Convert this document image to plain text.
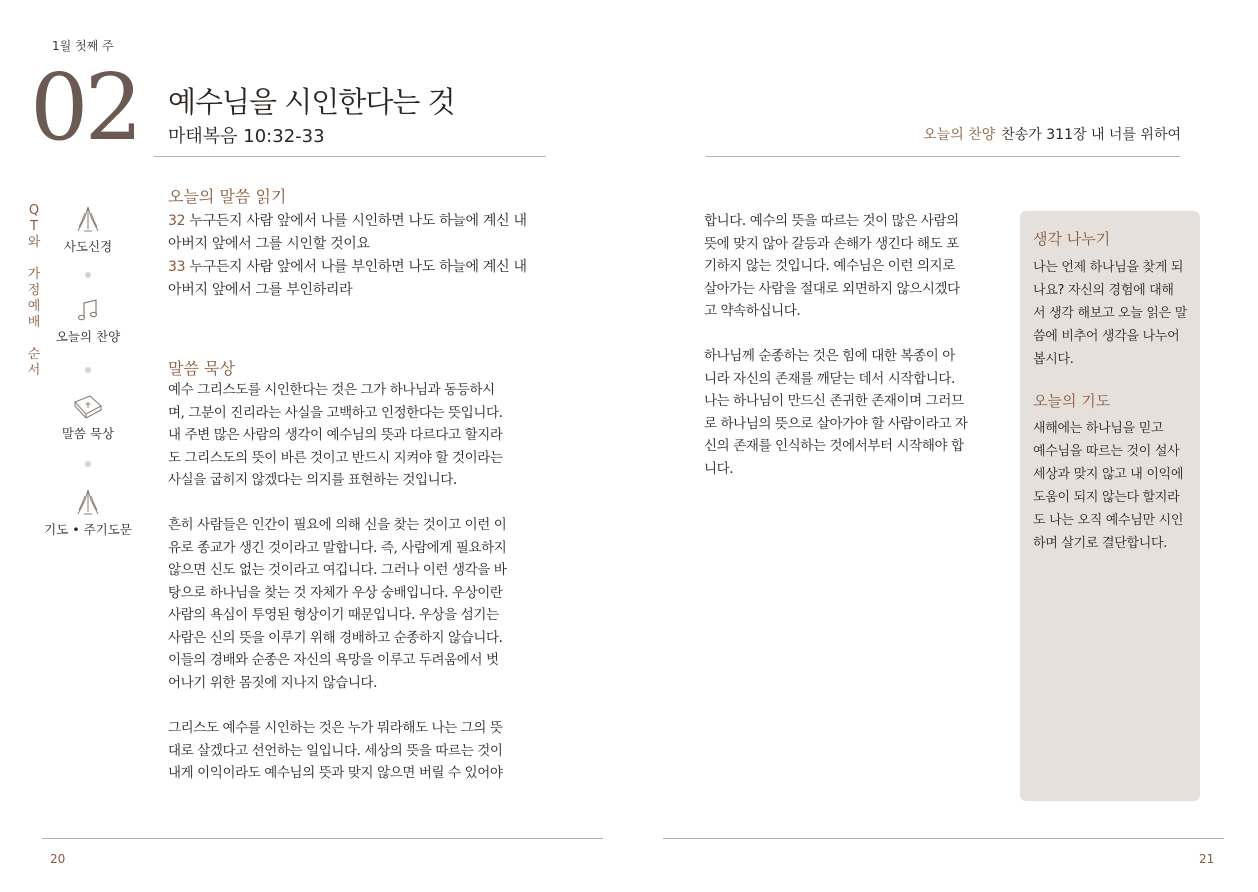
1월 첫째 주
02 예수님을 시인한다는 것
마태복음 10:32-33	오늘의 찬양 찬송가 311장 내 너를 위하여
Q
T
와
가
정
예
배
순
서
사도신경
오늘의 찬양
말씀 묵상
기도 • 주기도문
오늘의 말씀 읽기
32 누구든지 사람 앞에서 나를 시인하면 나도 하늘에 계신 내
아버지 앞에서 그를 시인할 것이요
33 누구든지 사람 앞에서 나를 부인하면 나도 하늘에 계신 내
아버지 앞에서 그를 부인하리라
말씀 묵상
예수 그리스도를 시인한다는 것은 그가 하나님과 동등하시
며, 그분이 진리라는 사실을 고백하고 인정한다는 뜻입니다.
내 주변 많은 사람의 생각이 예수님의 뜻과 다르다고 할지라
도 그리스도의 뜻이 바른 것이고 반드시 지켜야 할 것이라는
사실을 굽히지 않겠다는 의지를 표현하는 것입니다.
흔히 사람들은 인간이 필요에 의해 신을 찾는 것이고 이런 이
유로 종교가 생긴 것이라고 말합니다. 즉, 사람에게 필요하지
않으면 신도 없는 것이라고 여깁니다. 그러나 이런 생각을 바
탕으로 하나님을 찾는 것 자체가 우상 숭배입니다. 우상이란
사람의 욕심이 투영된 형상이기 때문입니다. 우상을 섬기는
사람은 신의 뜻을 이루기 위해 경배하고 순종하지 않습니다.
이들의 경배와 순종은 자신의 욕망을 이루고 두려움에서 벗
어나기 위한 몸짓에 지나지 않습니다.
그리스도 예수를 시인하는 것은 누가 뭐라해도 나는 그의 뜻
대로 살겠다고 선언하는 일입니다. 세상의 뜻을 따르는 것이
내게 이익이라도 예수님의 뜻과 맞지 않으면 버릴 수 있어야
합니다. 예수의 뜻을 따르는 것이 많은 사람의
뜻에 맞지 않아 갈등과 손해가 생긴다 해도 포
기하지 않는 것입니다. 예수님은 이런 의지로
살아가는 사람을 절대로 외면하지 않으시겠다
고 약속하십니다.
하나님께 순종하는 것은 힘에 대한 복종이 아
니라 자신의 존재를 깨닫는 데서 시작합니다.
나는 하나님이 만드신 존귀한 존재이며 그러므
로 하나님의 뜻으로 살아가야 할 사람이라고 자
신의 존재를 인식하는 것에서부터 시작해야 합
니다.
생각 나누기
나는 언제 하나님을 찾게 되
나요? 자신의 경험에 대해
서 생각 해보고 오늘 읽은 말
씀에 비추어 생각을 나누어
봅시다.
오늘의 기도
새해에는 하나님을 믿고
예수님을 따르는 것이 설사
세상과 맞지 않고 내 이익에
도움이 되지 않는다 할지라
도 나는 오직 예수님만 시인
하며 살기로 결단합니다.
20	21
